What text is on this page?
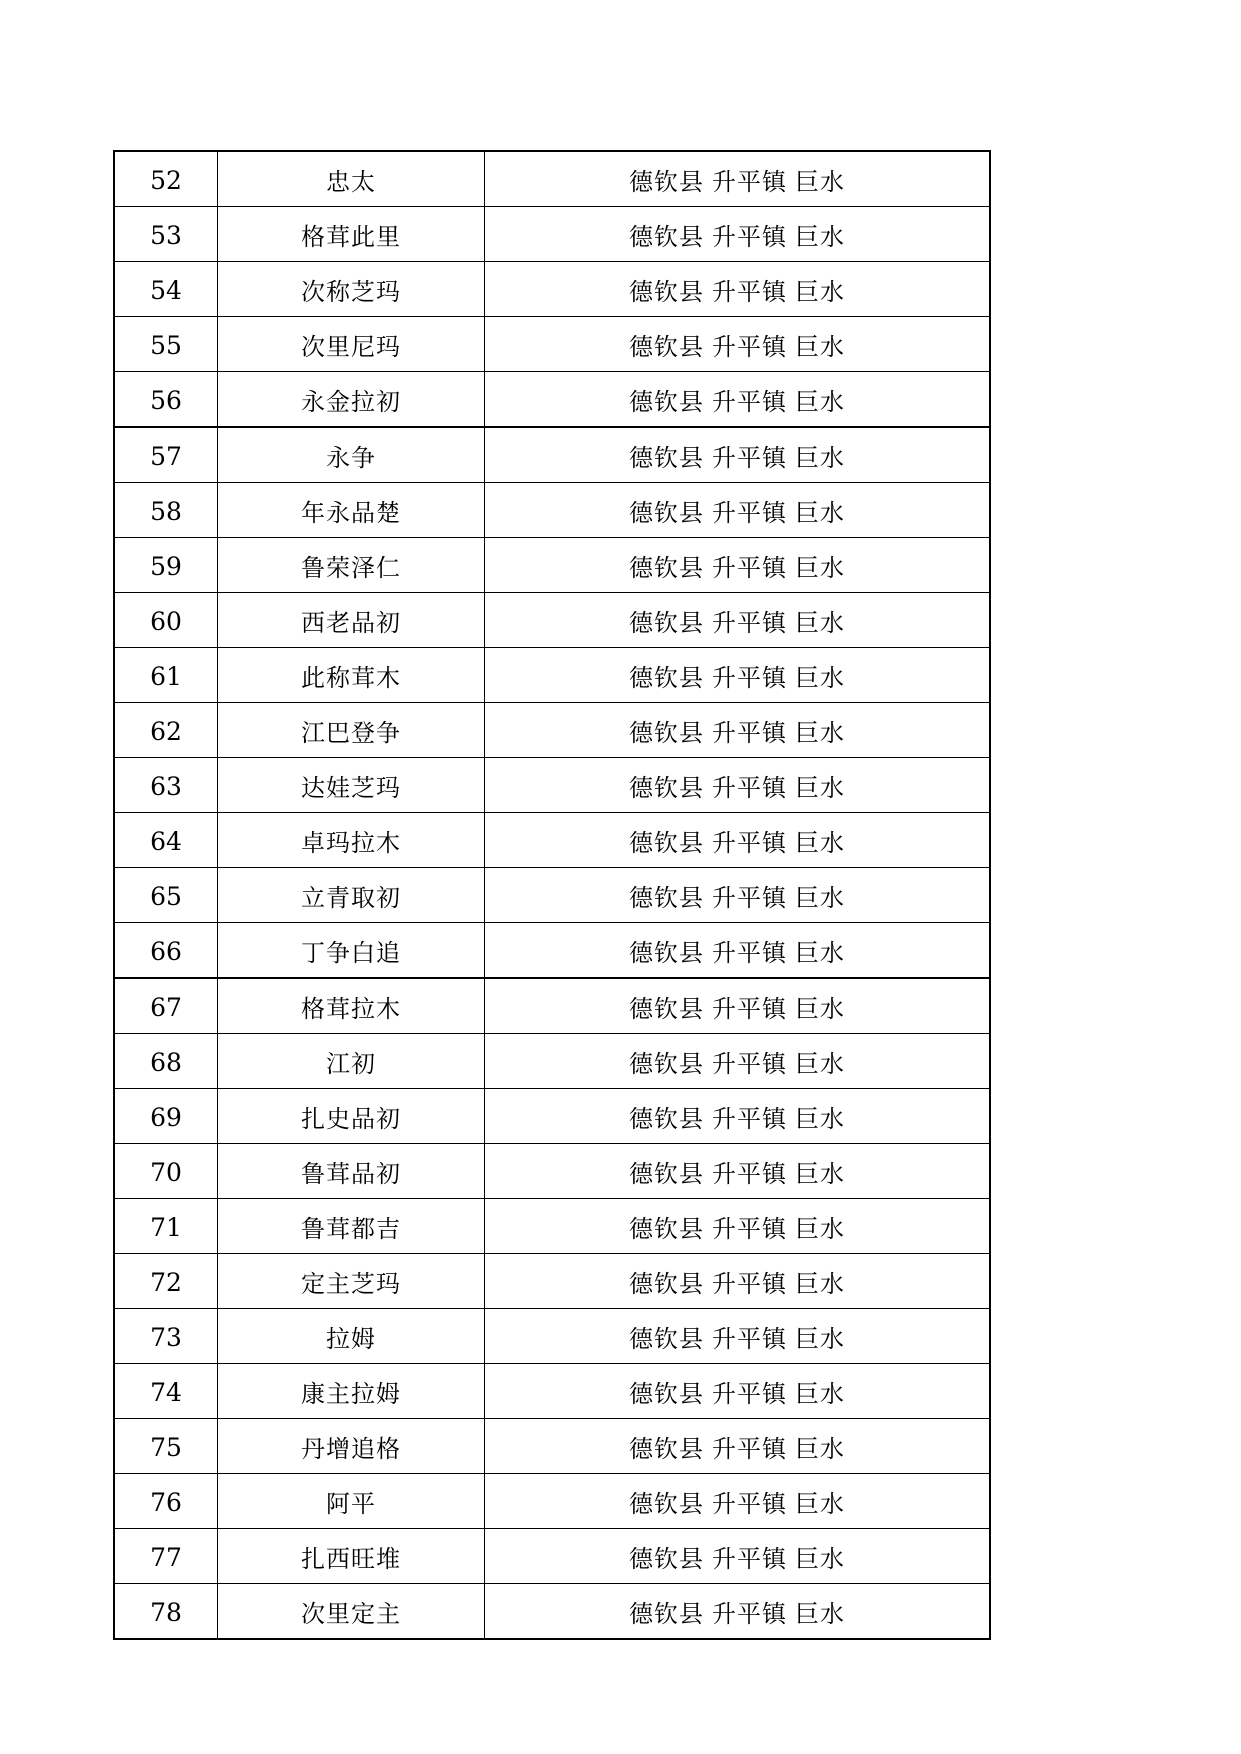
52	忠太	德钦县 升平镇 巨水
53	格茸此里	德钦县 升平镇 巨水
54	次称芝玛	德钦县 升平镇 巨水
55	次里尼玛	德钦县 升平镇 巨水
56	永金拉初	德钦县 升平镇 巨水
57	永争	德钦县 升平镇 巨水
58	年永品楚	德钦县 升平镇 巨水
59	鲁荣泽仁	德钦县 升平镇 巨水
60	西老品初	德钦县 升平镇 巨水
61	此称茸木	德钦县 升平镇 巨水
62	江巴登争	德钦县 升平镇 巨水
63	达娃芝玛	德钦县 升平镇 巨水
64	卓玛拉木	德钦县 升平镇 巨水
65	立青取初	德钦县 升平镇 巨水
66	丁争白追	德钦县 升平镇 巨水
67	格茸拉木	德钦县 升平镇 巨水
68	江初	德钦县 升平镇 巨水
69	扎史品初	德钦县 升平镇 巨水
70	鲁茸品初	德钦县 升平镇 巨水
71	鲁茸都吉	德钦县 升平镇 巨水
72	定主芝玛	德钦县 升平镇 巨水
73	拉姆	德钦县 升平镇 巨水
74	康主拉姆	德钦县 升平镇 巨水
75	丹增追格	德钦县 升平镇 巨水
76	阿平	德钦县 升平镇 巨水
77	扎西旺堆	德钦县 升平镇 巨水
78	次里定主	德钦县 升平镇 巨水
